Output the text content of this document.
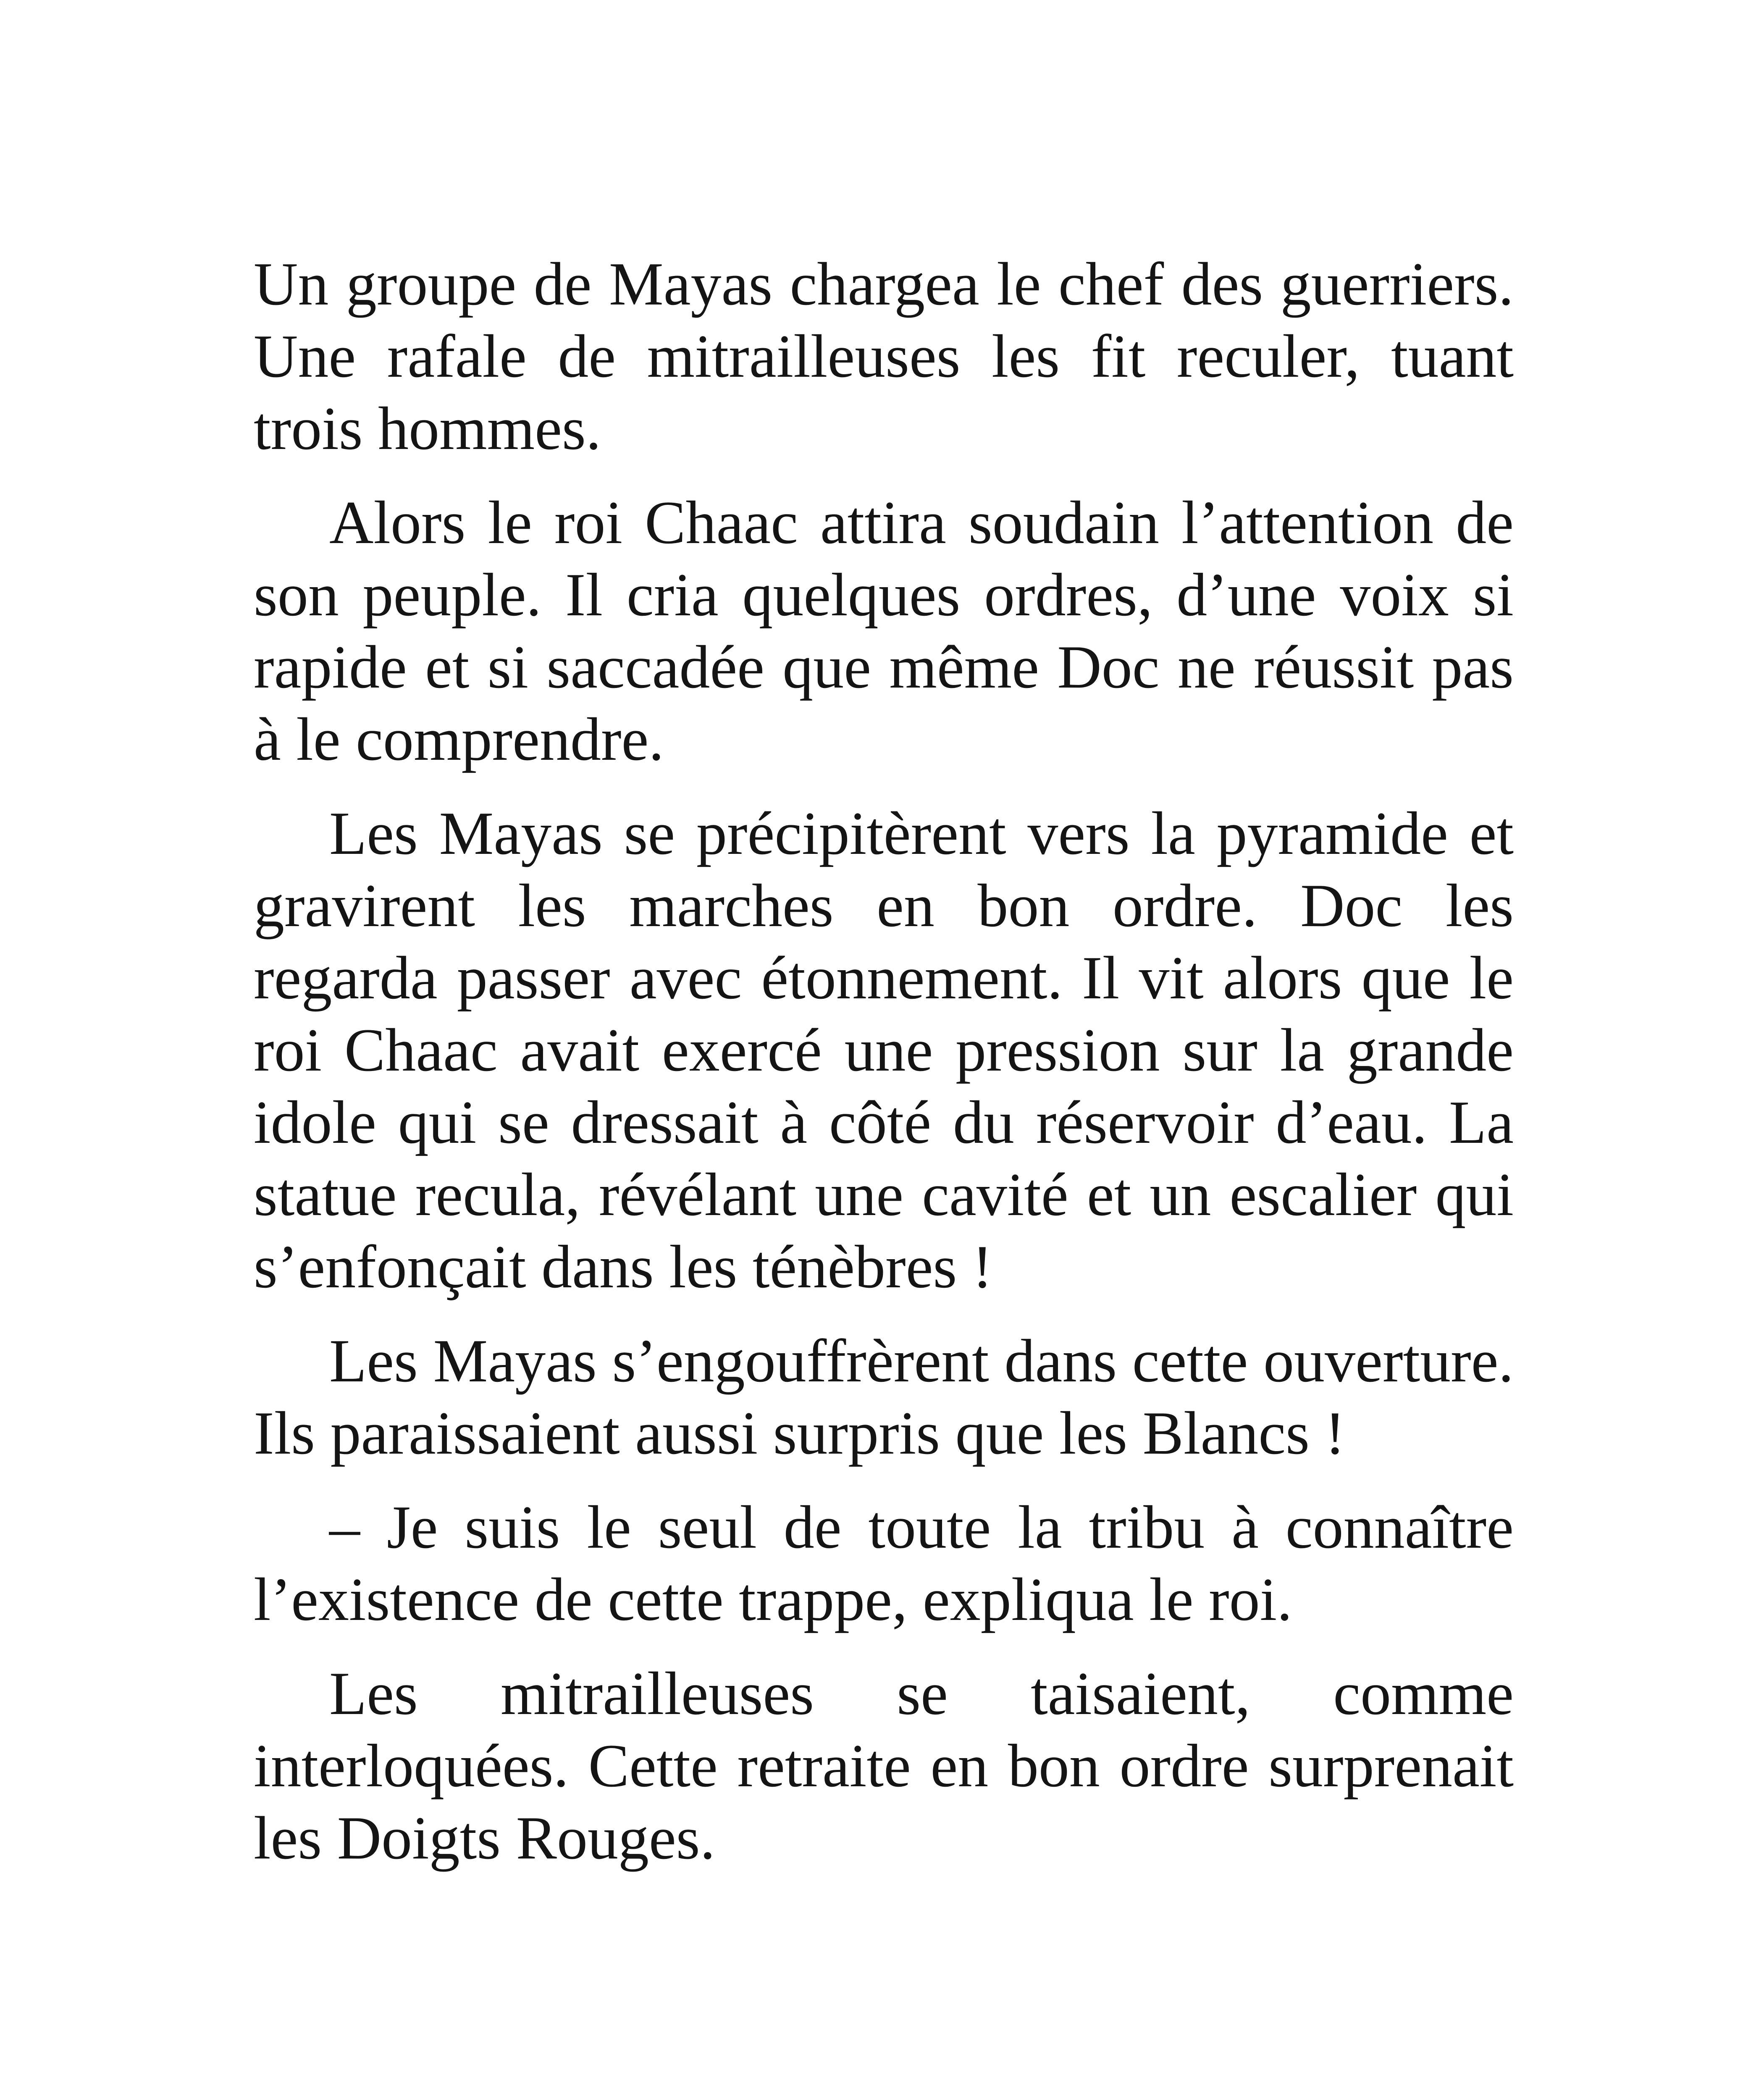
Un groupe de Mayas chargea le chef des guerriers. Une rafale de mitrailleuses les fit reculer, tuant trois hommes.

Alors le roi Chaac attira soudain l’attention de son peuple. Il cria quelques ordres, d’une voix si rapide et si saccadée que même Doc ne réussit pas à le comprendre.

Les Mayas se précipitèrent vers la pyramide et gravirent les marches en bon ordre. Doc les regarda passer avec étonnement. Il vit alors que le roi Chaac avait exercé une pression sur la grande idole qui se dressait à côté du réservoir d’eau. La statue recula, révélant une cavité et un escalier qui s’enfonçait dans les ténèbres !

Les Mayas s’engouffrèrent dans cette ouverture. Ils paraissaient aussi surpris que les Blancs !

– Je suis le seul de toute la tribu à connaître l’existence de cette trappe, expliqua le roi.

Les mitrailleuses se taisaient, comme interloquées. Cette retraite en bon ordre surprenait les Doigts Rouges.
